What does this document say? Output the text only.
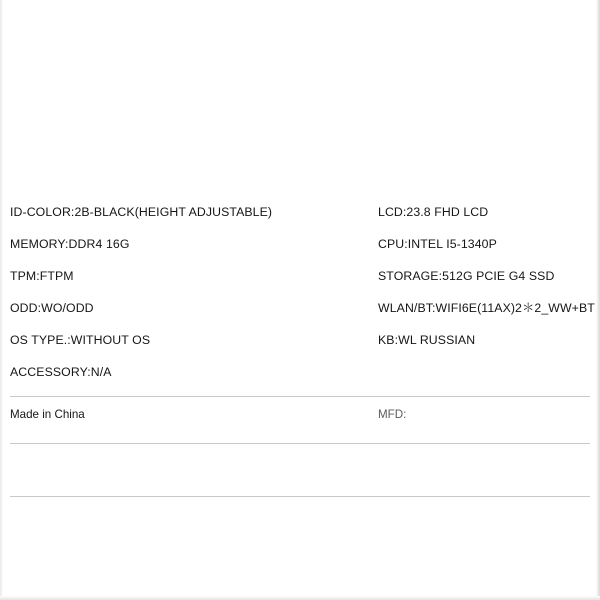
ID-COLOR:2B-BLACK(HEIGHT ADJUSTABLE)
MEMORY:DDR4 16G
TPM:FTPM
ODD:WO/ODD
OS TYPE.:WITHOUT OS
ACCESSORY:N/A
LCD:23.8 FHD LCD
CPU:INTEL I5-1340P
STORAGE:512G PCIE G4 SSD
WLAN/BT:WIFI6E(11AX)2＊2_WW+BT
KB:WL RUSSIAN
Made in China	MFD:
